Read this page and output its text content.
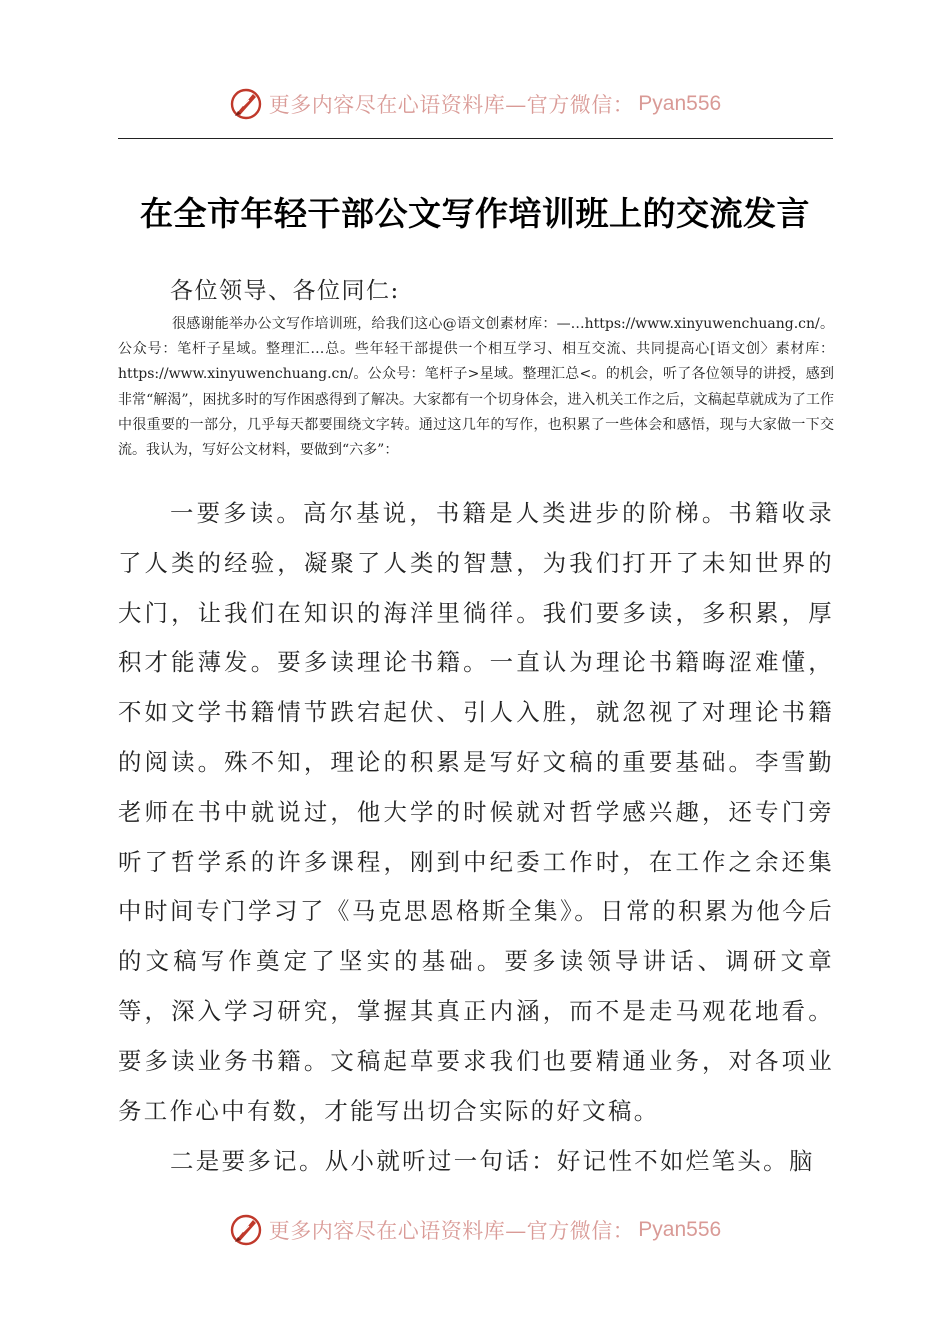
更多内容尽在心语资料库—官方微信： Pyan556
在全市年轻干部公文写作培训班上的交流发言
各位领导、各位同仁:
很感谢能举办公文写作培训班，给我们这心@语文创素材库：—…https://www.xinyuwenchuang.cn/。公众号：笔杆子星域。整理汇…总。些年轻干部提供一个相互学习、相互交流、共同提高心[语文创〉素材库：https://www.xinyuwenchuang.cn/。公众号：笔杆子>星域。整理汇总<。的机会，听了各位领导的讲授，感到非常“解渴”，困扰多时的写作困惑得到了解决。大家都有一个切身体会，进入机关工作之后，文稿起草就成为了工作中很重要的一部分，几乎每天都要围绕文字转。通过这几年的写作，也积累了一些体会和感悟，现与大家做一下交流。我认为，写好公文材料，要做到“六多”：
一要多读。高尔基说，书籍是人类进步的阶梯。书籍收录了人类的经验，凝聚了人类的智慧，为我们打开了未知世界的大门，让我们在知识的海洋里徜徉。我们要多读，多积累，厚积才能薄发。要多读理论书籍。一直认为理论书籍晦涩难懂，不如文学书籍情节跌宕起伏、引人入胜，就忽视了对理论书籍的阅读。殊不知，理论的积累是写好文稿的重要基础。李雪勤老师在书中就说过，他大学的时候就对哲学感兴趣，还专门旁听了哲学系的许多课程，刚到中纪委工作时，在工作之余还集中时间专门学习了《马克思恩格斯全集》。日常的积累为他今后的文稿写作奠定了坚实的基础。要多读领导讲话、调研文章等，深入学习研究，掌握其真正内涵，而不是走马观花地看。要多读业务书籍。文稿起草要求我们也要精通业务，对各项业务工作心中有数，才能写出切合实际的好文稿。
二是要多记。从小就听过一句话：好记性不如烂笔头。脑
更多内容尽在心语资料库—官方微信： Pyan556
